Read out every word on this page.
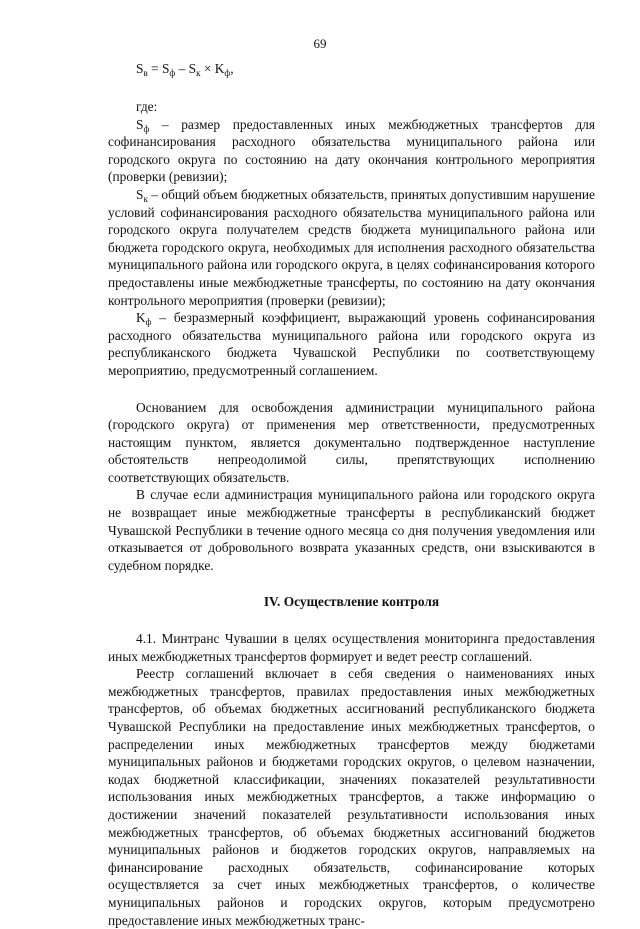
69

$S_в = S_ф - S_к \times K_ф$,

где:

$S_ф$ – размер предоставленных иных межбюджетных трансфертов для софинансирования расходного обязательства муниципального района или городского округа по состоянию на дату окончания контрольного мероприятия (проверки (ревизии);

$S_к$ – общий объем бюджетных обязательств, принятых допустившим нарушение условий софинансирования расходного обязательства муниципального района или городского округа получателем средств бюджета муниципального района или бюджета городского округа, необходимых для исполнения расходного обязательства муниципального района или городского округа, в целях софинансирования которого предоставлены иные межбюджетные трансферты, по состоянию на дату окончания контрольного мероприятия (проверки (ревизии);

$K_ф$ – безразмерный коэффициент, выражающий уровень софинансирования расходного обязательства муниципального района или городского округа из республиканского бюджета Чувашской Республики по соответствующему мероприятию, предусмотренный соглашением.

Основанием для освобождения администрации муниципального района (городского округа) от применения мер ответственности, предусмотренных настоящим пунктом, является документально подтвержденное наступление обстоятельств непреодолимой силы, препятствующих исполнению соответствующих обязательств.

В случае если администрация муниципального района или городского округа не возвращает иные межбюджетные трансферты в республиканский бюджет Чувашской Республики в течение одного месяца со дня получения уведомления или отказывается от добровольного возврата указанных средств, они взыскиваются в судебном порядке.

IV. Осуществление контроля

4.1. Минтранс Чувашии в целях осуществления мониторинга предоставления иных межбюджетных трансфертов формирует и ведет реестр соглашений.

Реестр соглашений включает в себя сведения о наименованиях иных межбюджетных трансфертов, правилах предоставления иных межбюджетных трансфертов, об объемах бюджетных ассигнований республиканского бюджета Чувашской Республики на предоставление иных межбюджетных трансфертов, о распределении иных межбюджетных трансфертов между бюджетами муниципальных районов и бюджетами городских округов, о целевом назначении, кодах бюджетной классификации, значениях показателей результативности использования иных межбюджетных трансфертов, а также информацию о достижении значений показателей результативности использования иных межбюджетных трансфертов, об объемах бюджетных ассигнований бюджетов муниципальных районов и бюджетов городских округов, направляемых на финансирование расходных обязательств, софинансирование которых осуществляется за счет иных межбюджетных трансфертов, о количестве муниципальных районов и городских округов, которым предусмотрено предоставление иных межбюджетных транс-
